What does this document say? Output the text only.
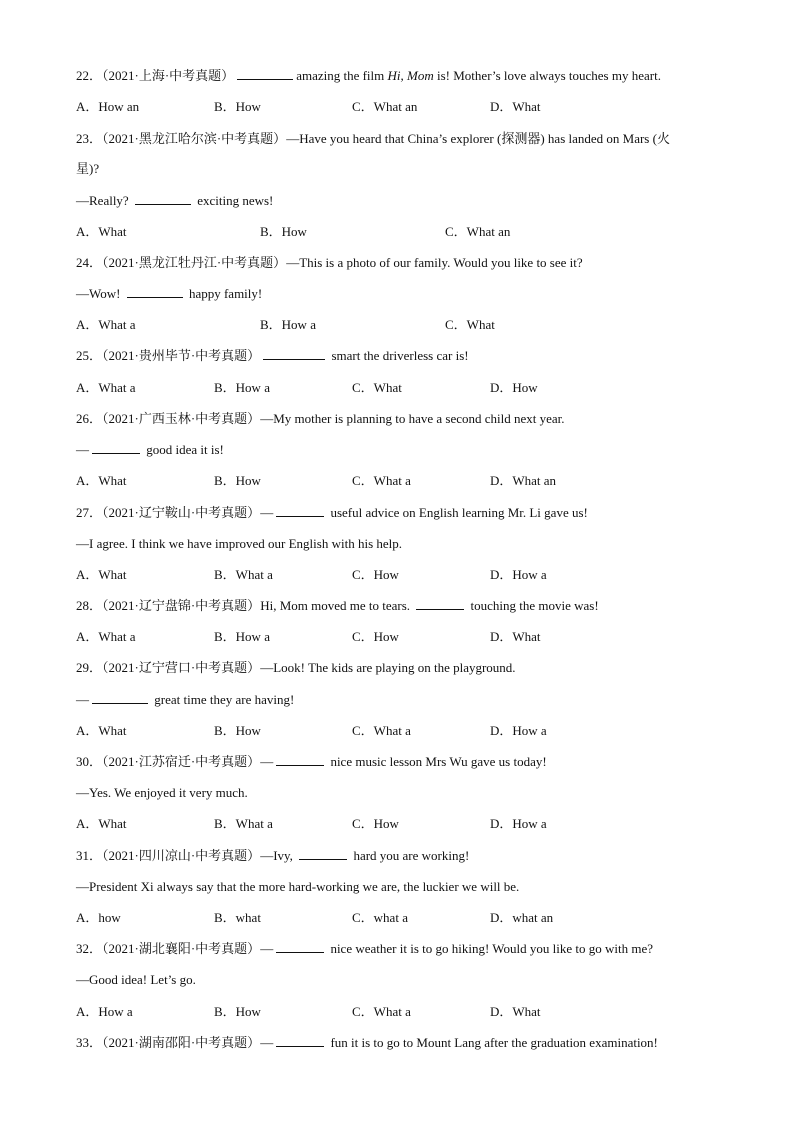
22．（2021·上海·中考真题）	amazing the film Hi, Mom is! Mother’s love always touches my heart.
A．How an	B．How	C．What an	D．What
23．（2021·黑龙江哈尔滨·中考真题）—Have you heard that China’s explorer (探测器) has landed on Mars (火
星)?
—Really?	exciting news!
A．What	B．How	C．What an
24．（2021·黑龙江牡丹江·中考真题）—This is a photo of our family. Would you like to see it?
—Wow!	happy family!
A．What a	B．How a	C．What
25．（2021·贵州毕节·中考真题）	smart the driverless car is!
A．What a	B．How a	C．What	D．How
26．（2021·广西玉林·中考真题）—My mother is planning to have a second child next year.
—	good idea it is!
A．What	B．How	C．What a	D．What an
27．（2021·辽宁鞍山·中考真题）—	useful advice on English learning Mr. Li gave us!
—I agree. I think we have improved our English with his help.
A．What	B．What a	C．How	D．How a
28．（2021·辽宁盘锦·中考真题）Hi, Mom moved me to tears.	touching the movie was!
A．What a	B．How a	C．How	D．What
29．（2021·辽宁营口·中考真题）—Look! The kids are playing on the playground.
—	great time they are having!
A．What	B．How	C．What a	D．How a
30．（2021·江苏宿迁·中考真题）—	nice music lesson Mrs Wu gave us today!
—Yes. We enjoyed it very much.
A．What	B．What a	C．How	D．How a
31．（2021·四川凉山·中考真题）—Ivy,	hard you are working!
—President Xi always say that the more hard-working we are, the luckier we will be.
A．how	B．what	C．what a	D．what an
32．（2021·湖北襄阳·中考真题）—	nice weather it is to go hiking! Would you like to go with me?
—Good idea! Let’s go.
A．How a	B．How	C．What a	D．What
33．（2021·湖南邵阳·中考真题）—	fun it is to go to Mount Lang after the graduation examination!
